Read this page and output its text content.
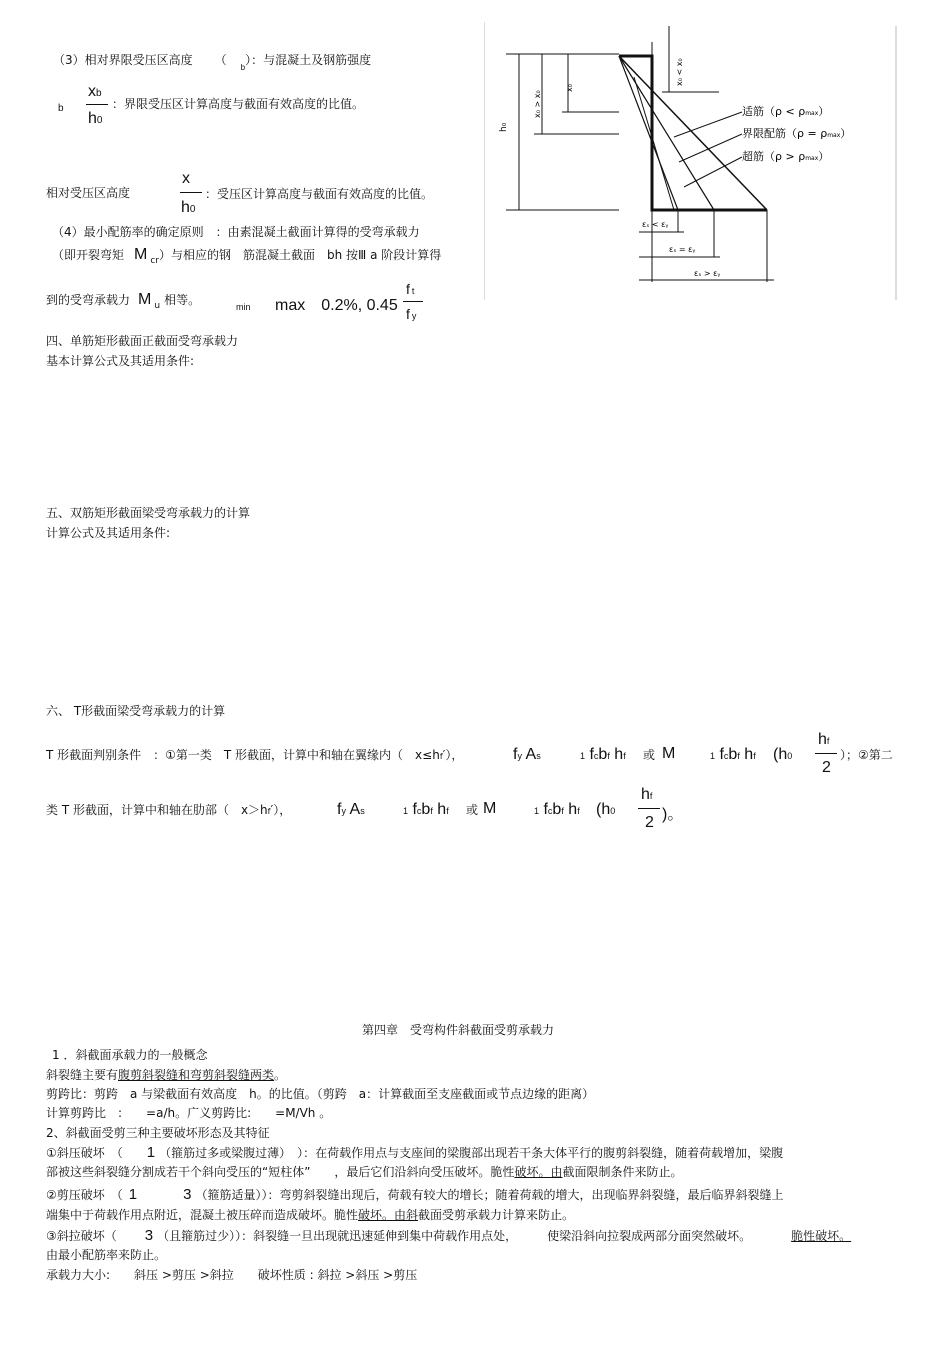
（3）相对界限受压区高度 $(_b)$：与混凝土及钢筋强度
b
xb
h0
：界限受压区计算高度与截面有效高度的比值。
相对受压区高度
x
h0
：受压区计算高度与截面有效高度的比值。
（4）最小配筋率的确定原则　：由素混凝土截面计算得的受弯承载力
（即开裂弯矩 M $_{cr}$）与相应的钢　筋混凝土截面　bh 按Ⅲ a 阶段计算得
到的受弯承载力 M $_u$ 相等。	min max　0.2%, 0.45
ft
fy
四、单筋矩形截面正截面受弯承载力
基本计算公式及其适用条件:
五、双筋矩形截面梁受弯承载力的计算
计算公式及其适用条件:
六、 T形截面梁受弯承载力的计算
T 形截面判别条件　：①第一类　T 形截面，计算中和轴在翼缘内（　x≤hf′），	fy As	1 fcbf hf 或 M	1 fcbf hf (h0
hf
2
）；②第二
类 T 形截面，计算中和轴在肋部（　x＞hf′），	fy As	1 fcbf hf 或 M	1 fcbf hf (h0
hf
2 )。
第四章　受弯构件斜截面受剪承载力
1 ．斜截面承载力的一般概念
斜裂缝主要有腹剪斜裂缝和弯剪斜裂缝两类。
剪跨比：剪跨　a 与梁截面有效高度　h。的比值。（剪跨　a：计算截面至支座截面或节点边缘的距离）
计算剪跨比　:　　=a/h。广义剪跨比:　　=M/Vh 。
2、斜截面受剪三种主要破坏形态及其特征
①斜压破坏　（ 1 （箍筋过多或梁腹过薄）　）：在荷载作用点与支座间的梁腹部出现若干条大体平行的腹剪斜裂缝，随着荷载增加，梁腹
部被这些斜裂缝分割成若干个斜向受压的“短柱体”　　，最后它们沿斜向受压破坏。脆性破坏。由截面限制条件来防止。
②剪压破坏　（ 1	3 （箍筋适量））：弯剪斜裂缝出现后，荷载有较大的增长；随着荷载的增大，出现临界斜裂缝，最后临界斜裂缝上
端集中于荷载作用点附近，混凝土被压碎而造成破坏。脆性破坏。由斜截面受剪承载力计算来防止。
③斜拉破坏（ 3 （且箍筋过少））：斜裂缝一旦出现就迅速延伸到集中荷载作用点处，　　　使梁沿斜向拉裂成两部分面突然破坏。	脆性破坏。
由最小配筋率来防止。
承载力大小:　　斜压 >剪压 >斜拉　　破坏性质 : 斜拉 >斜压 >剪压
h₀
x₀ > x₀
x₀
x₀ < x₀
适筋（ρ < ρmax）
界限配筋（ρ = ρmax）
超筋（ρ > ρmax）
εₛ < εᵧ
εₛ = εᵧ
εₛ > εᵧ
